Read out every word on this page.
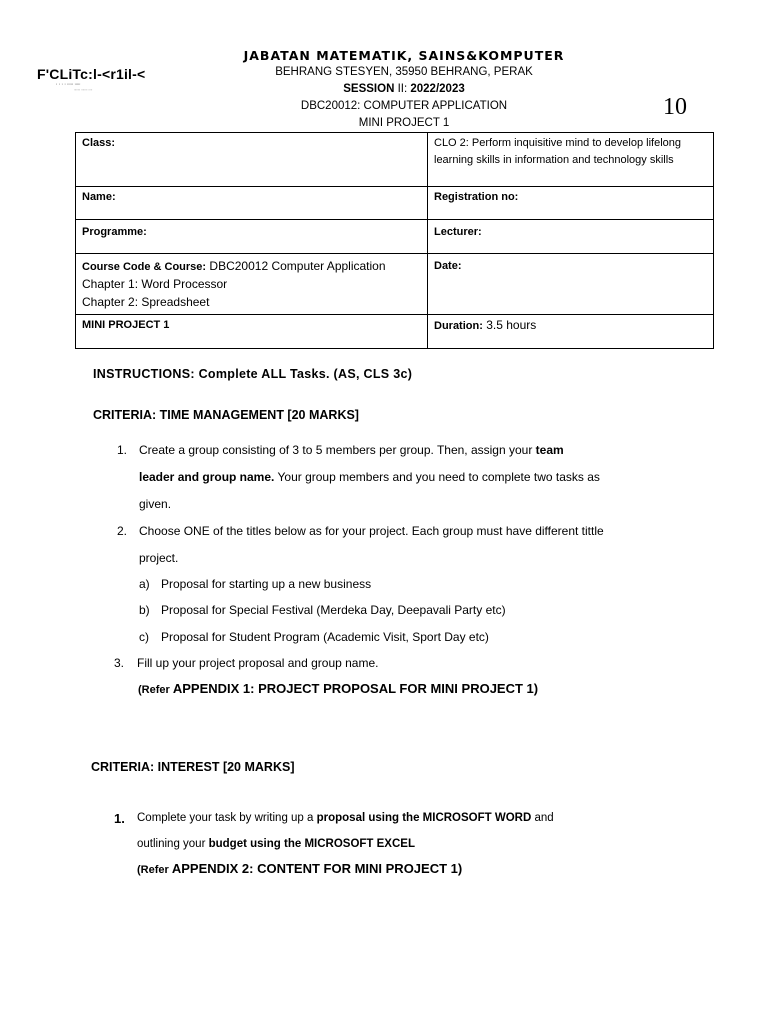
F'CLiTc:l-<r1il-<
' ' ' ' ''''' '''''
'''''''' '''''''' '''''
JABATAN MATEMATIK, SAINS&KOMPUTER
BEHRANG STESYEN, 35950 BEHRANG, PERAK
SESSION II: 2022/2023
DBC20012: COMPUTER APPLICATION
MINI PROJECT 1
10
Class:	CLO 2: Perform inquisitive mind to develop lifelong learning skills in information and technology skills
Name:	Registration no:
Programme:	Lecturer:
Course Code & Course: DBC20012 Computer Application
Chapter 1: Word Processor
Chapter 2: Spreadsheet	Date:
MINI PROJECT 1	Duration: 3.5 hours
INSTRUCTIONS: Complete ALL Tasks. (AS, CLS 3c)
CRITERIA: TIME MANAGEMENT [20 MARKS]
1. Create a group consisting of 3 to 5 members per group. Then, assign your team
leader and group name. Your group members and you need to complete two tasks as
given.
2. Choose ONE of the titles below as for your project. Each group must have different tittle
project.
a) Proposal for starting up a new business
b) Proposal for Special Festival (Merdeka Day, Deepavali Party etc)
c) Proposal for Student Program (Academic Visit, Sport Day etc)
3. Fill up your project proposal and group name.
(Refer APPENDIX 1: PROJECT PROPOSAL FOR MINI PROJECT 1)
CRITERIA: INTEREST [20 MARKS]
1. Complete your task by writing up a proposal using the MICROSOFT WORD and
outlining your budget using the MICROSOFT EXCEL
(Refer APPENDIX 2: CONTENT FOR MINI PROJECT 1)
